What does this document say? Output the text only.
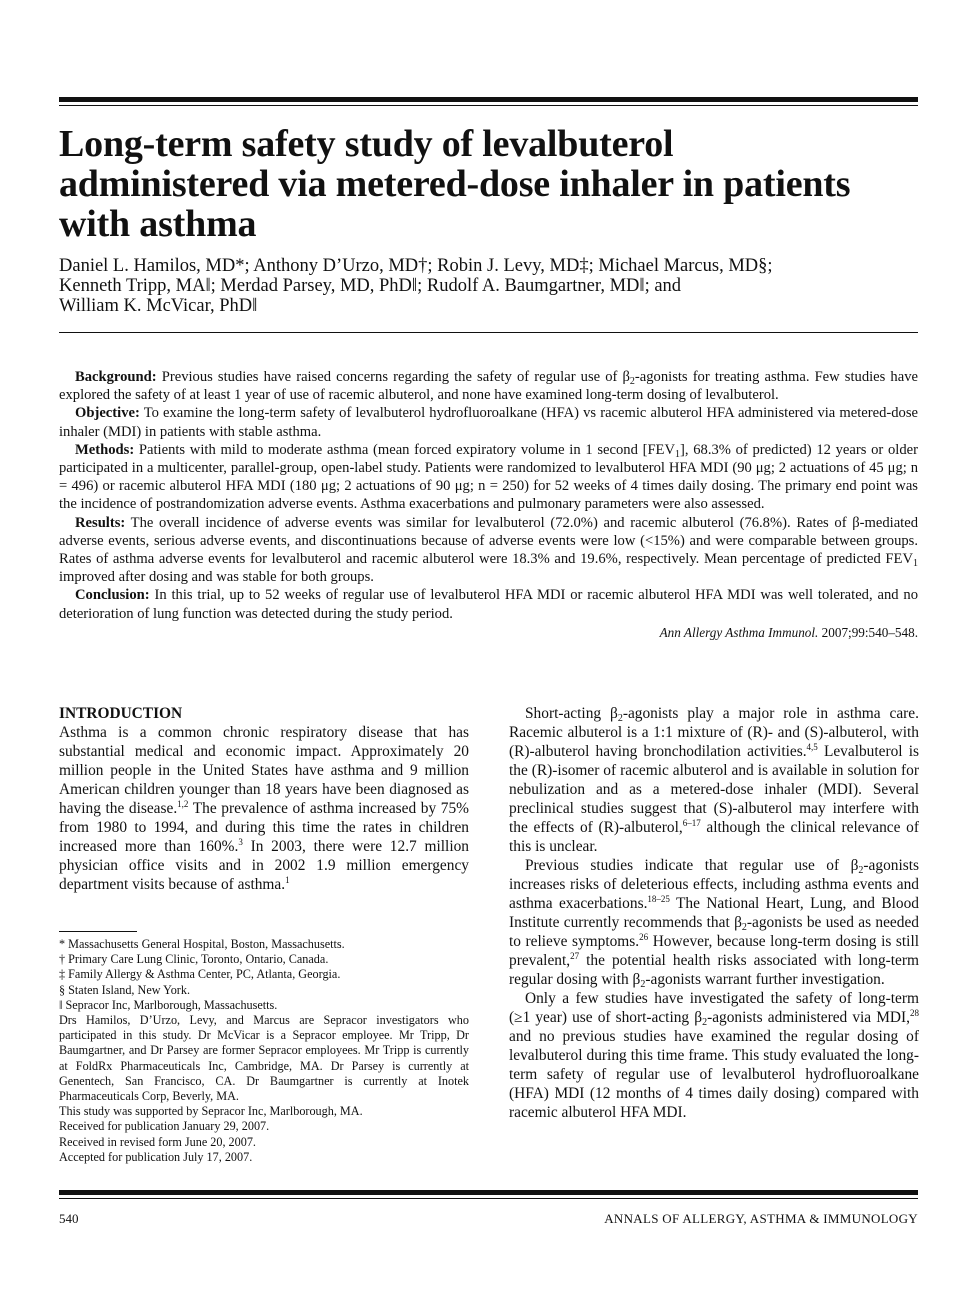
Long-term safety study of levalbuterol administered via metered-dose inhaler in patients with asthma
Daniel L. Hamilos, MD*; Anthony D’Urzo, MD†; Robin J. Levy, MD‡; Michael Marcus, MD§;
Kenneth Tripp, MA‖; Merdad Parsey, MD, PhD‖; Rudolf A. Baumgartner, MD‖; and
William K. McVicar, PhD‖

Background: Previous studies have raised concerns regarding the safety of regular use of $\beta_2$-agonists for treating asthma. Few studies have explored the safety of at least 1 year of use of racemic albuterol, and none have examined long-term dosing of levalbuterol.

Objective: To examine the long-term safety of levalbuterol hydrofluoroalkane (HFA) vs racemic albuterol HFA administered via metered-dose inhaler (MDI) in patients with stable asthma.

Methods: Patients with mild to moderate asthma (mean forced expiratory volume in 1 second $[FEV_1]$, 68.3% of predicted) 12 years or older participated in a multicenter, parallel-group, open-label study. Patients were randomized to levalbuterol HFA MDI (90 μg; 2 actuations of 45 μg; n = 496) or racemic albuterol HFA MDI (180 μg; 2 actuations of 90 μg; n = 250) for 52 weeks of 4 times daily dosing. The primary end point was the incidence of postrandomization adverse events. Asthma exacerbations and pulmonary parameters were also assessed.

Results: The overall incidence of adverse events was similar for levalbuterol (72.0%) and racemic albuterol (76.8%). Rates of β-mediated adverse events, serious adverse events, and discontinuations because of adverse events were low (<15%) and were comparable between groups. Rates of asthma adverse events for levalbuterol and racemic albuterol were 18.3% and 19.6%, respectively. Mean percentage of predicted $FEV_1$ improved after dosing and was stable for both groups.

Conclusion: In this trial, up to 52 weeks of regular use of levalbuterol HFA MDI or racemic albuterol HFA MDI was well tolerated, and no deterioration of lung function was detected during the study period.

Ann Allergy Asthma Immunol. 2007;99:540–548.
INTRODUCTION

Asthma is a common chronic respiratory disease that has substantial medical and economic impact. Approximately 20 million people in the United States have asthma and 9 million American children younger than 18 years have been diagnosed as having the disease.$^{1,2}$ The prevalence of asthma increased by 75% from 1980 to 1994, and during this time the rates in children increased more than 160%.$^3$ In 2003, there were 12.7 million physician office visits and in 2002 1.9 million emergency department visits because of asthma.$^1$

* Massachusetts General Hospital, Boston, Massachusetts.
† Primary Care Lung Clinic, Toronto, Ontario, Canada.
‡ Family Allergy & Asthma Center, PC, Atlanta, Georgia.
§ Staten Island, New York.
‖ Sepracor Inc, Marlborough, Massachusetts.
Drs Hamilos, D’Urzo, Levy, and Marcus are Sepracor investigators who participated in this study. Dr McVicar is a Sepracor employee. Mr Tripp, Dr Baumgartner, and Dr Parsey are former Sepracor employees. Mr Tripp is currently at FoldRx Pharmaceuticals Inc, Cambridge, MA. Dr Parsey is currently at Genentech, San Francisco, CA. Dr Baumgartner is currently at Inotek Pharmaceuticals Corp, Beverly, MA.
This study was supported by Sepracor Inc, Marlborough, MA.
Received for publication January 29, 2007.
Received in revised form June 20, 2007.
Accepted for publication July 17, 2007.

Short-acting $\beta_2$-agonists play a major role in asthma care. Racemic albuterol is a 1:1 mixture of (R)- and (S)-albuterol, with (R)-albuterol having bronchodilation activities.$^{4,5}$ Levalbuterol is the (R)-isomer of racemic albuterol and is available in solution for nebulization and as a metered-dose inhaler (MDI). Several preclinical studies suggest that (S)-albuterol may interfere with the effects of (R)-albuterol,$^{6-17}$ although the clinical relevance of this is unclear.

Previous studies indicate that regular use of $\beta_2$-agonists increases risks of deleterious effects, including asthma events and asthma exacerbations.$^{18-25}$ The National Heart, Lung, and Blood Institute currently recommends that $\beta_2$-agonists be used as needed to relieve symptoms.$^{26}$ However, because long-term dosing is still prevalent,$^{27}$ the potential health risks associated with long-term regular dosing with $\beta_2$-agonists warrant further investigation.

Only a few studies have investigated the safety of long-term (≥1 year) use of short-acting $\beta_2$-agonists administered via MDI,$^{28}$ and no previous studies have examined the regular dosing of levalbuterol during this time frame. This study evaluated the long-term safety of regular use of levalbuterol hydrofluoroalkane (HFA) MDI (12 months of 4 times daily dosing) compared with racemic albuterol HFA MDI.

540	ANNALS OF ALLERGY, ASTHMA & IMMUNOLOGY
